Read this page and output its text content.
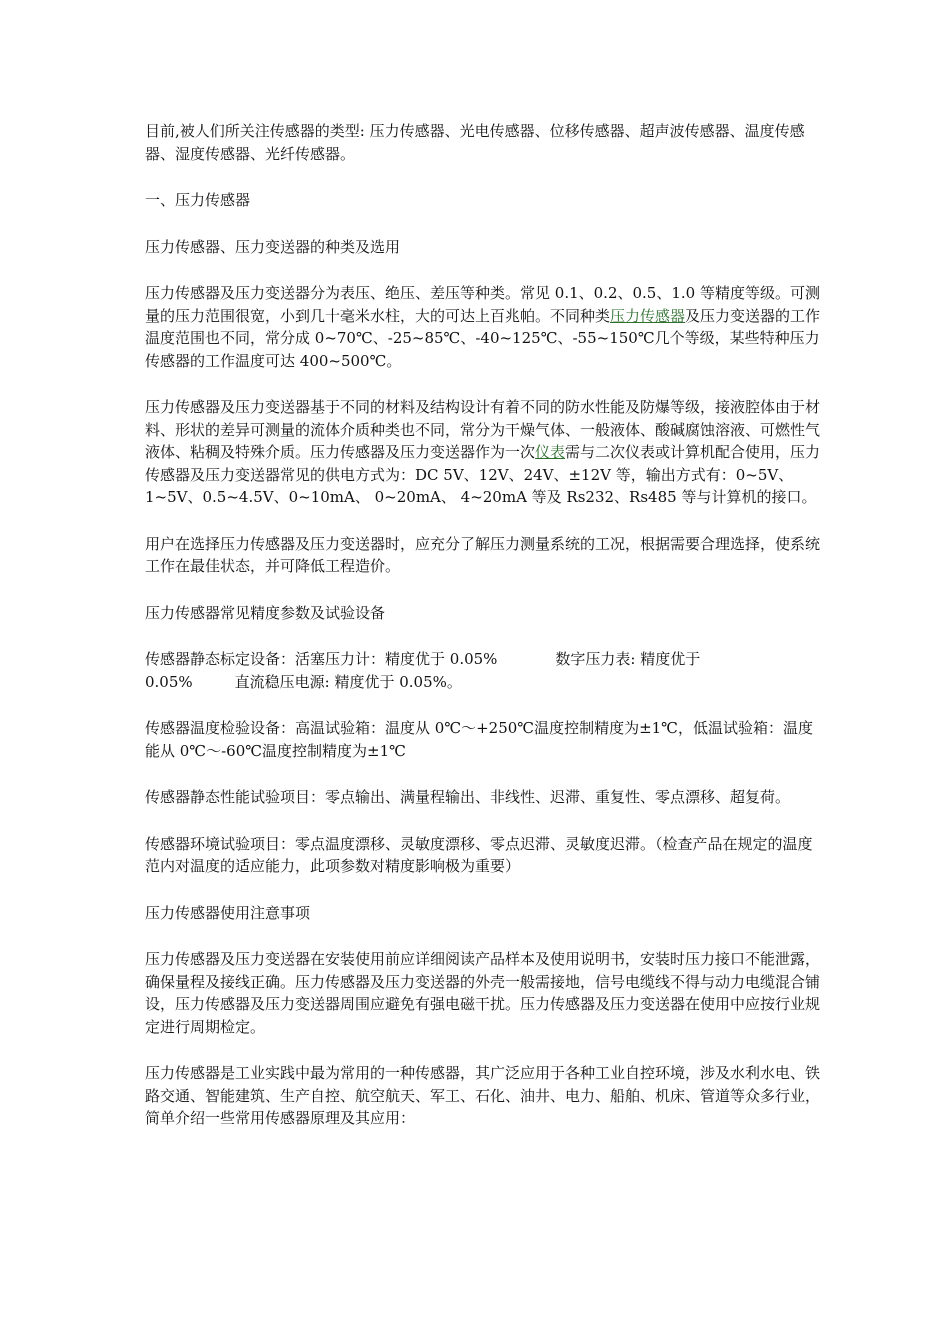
目前,被人们所关注传感器的类型: 压力传感器、光电传感器、位移传感器、超声波传感器、温度传感器、湿度传感器、光纤传感器。

一、压力传感器

压力传感器、压力变送器的种类及选用

压力传感器及压力变送器分为表压、绝压、差压等种类。常见 0.1、0.2、0.5、1.0 等精度等级。可测量的压力范围很宽，小到几十毫米水柱，大的可达上百兆帕。不同种类压力传感器及压力变送器的工作温度范围也不同，常分成 0~70℃、-25~85℃、-40~125℃、-55~150℃几个等级，某些特种压力传感器的工作温度可达 400~500℃。

压力传感器及压力变送器基于不同的材料及结构设计有着不同的防水性能及防爆等级，接液腔体由于材料、形状的差异可测量的流体介质种类也不同，常分为干燥气体、一般液体、酸碱腐蚀溶液、可燃性气液体、粘稠及特殊介质。压力传感器及压力变送器作为一次仪表需与二次仪表或计算机配合使用，压力传感器及压力变送器常见的供电方式为：DC 5V、12V、24V、±12V 等，输出方式有：0~5V、1~5V、0.5~4.5V、0~10mA、 0~20mA、 4~20mA 等及 Rs232、Rs485 等与计算机的接口。

用户在选择压力传感器及压力变送器时，应充分了解压力测量系统的工况，根据需要合理选择，使系统工作在最佳状态，并可降低工程造价。

压力传感器常见精度参数及试验设备

传感器静态标定设备：活塞压力计：精度优于 0.05%	数字压力表: 精度优于
0.05%	直流稳压电源: 精度优于 0.05%。

传感器温度检验设备：高温试验箱：温度从 0℃～+250℃温度控制精度为±1℃，低温试验箱：温度能从 0℃～-60℃温度控制精度为±1℃

传感器静态性能试验项目：零点输出、满量程输出、非线性、迟滞、重复性、零点漂移、超复荷。

传感器环境试验项目：零点温度漂移、灵敏度漂移、零点迟滞、灵敏度迟滞。（检查产品在规定的温度范内对温度的适应能力，此项参数对精度影响极为重要）

压力传感器使用注意事项

压力传感器及压力变送器在安装使用前应详细阅读产品样本及使用说明书，安装时压力接口不能泄露，确保量程及接线正确。压力传感器及压力变送器的外壳一般需接地，信号电缆线不得与动力电缆混合铺设，压力传感器及压力变送器周围应避免有强电磁干扰。压力传感器及压力变送器在使用中应按行业规定进行周期检定。

压力传感器是工业实践中最为常用的一种传感器，其广泛应用于各种工业自控环境，涉及水利水电、铁路交通、智能建筑、生产自控、航空航天、军工、石化、油井、电力、船舶、机床、管道等众多行业，简单介绍一些常用传感器原理及其应用：
